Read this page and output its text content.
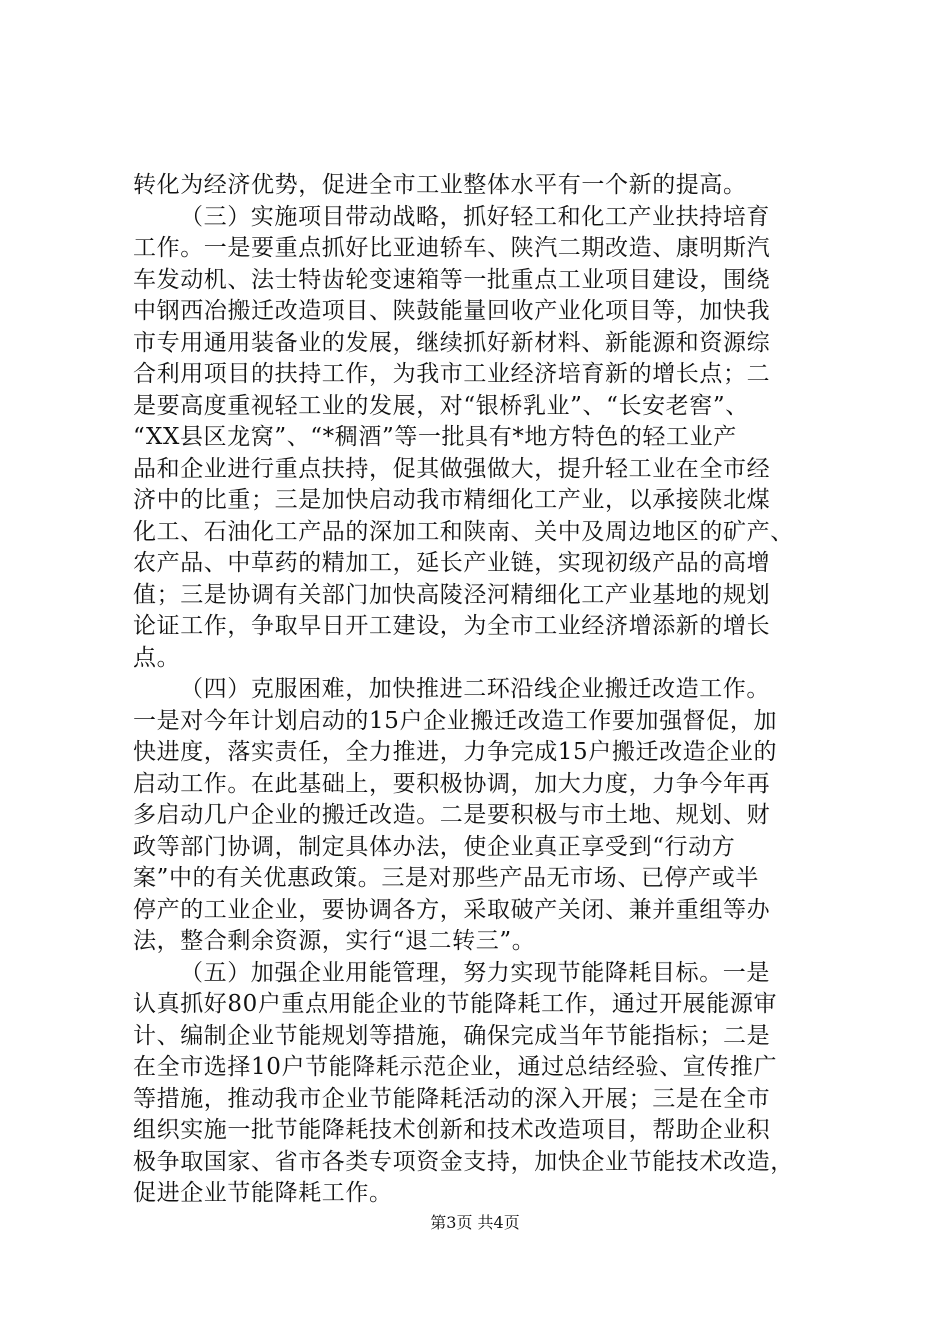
转化为经济优势，促进全市工业整体水平有一个新的提高。
（三）实施项目带动战略，抓好轻工和化工产业扶持培育
工作。一是要重点抓好比亚迪轿车、陕汽二期改造、康明斯汽
车发动机、法士特齿轮变速箱等一批重点工业项目建设，围绕
中钢西冶搬迁改造项目、陕鼓能量回收产业化项目等，加快我
市专用通用装备业的发展，继续抓好新材料、新能源和资源综
合利用项目的扶持工作，为我市工业经济培育新的增长点；二
是要高度重视轻工业的发展，对“银桥乳业”、“长安老窖”、
“XX县区龙窝”、“*稠酒”等一批具有*地方特色的轻工业产
品和企业进行重点扶持，促其做强做大，提升轻工业在全市经
济中的比重；三是加快启动我市精细化工产业，以承接陕北煤
化工、石油化工产品的深加工和陕南、关中及周边地区的矿产、
农产品、中草药的精加工，延长产业链，实现初级产品的高增
值；三是协调有关部门加快高陵泾河精细化工产业基地的规划
论证工作，争取早日开工建设，为全市工业经济增添新的增长
点。
（四）克服困难，加快推进二环沿线企业搬迁改造工作。
一是对今年计划启动的15户企业搬迁改造工作要加强督促，加
快进度，落实责任，全力推进，力争完成15户搬迁改造企业的
启动工作。在此基础上，要积极协调，加大力度，力争今年再
多启动几户企业的搬迁改造。二是要积极与市土地、规划、财
政等部门协调，制定具体办法，使企业真正享受到“行动方
案”中的有关优惠政策。三是对那些产品无市场、已停产或半
停产的工业企业，要协调各方，采取破产关闭、兼并重组等办
法，整合剩余资源，实行“退二转三”。
（五）加强企业用能管理，努力实现节能降耗目标。一是
认真抓好80户重点用能企业的节能降耗工作，通过开展能源审
计、编制企业节能规划等措施，确保完成当年节能指标；二是
在全市选择10户节能降耗示范企业，通过总结经验、宣传推广
等措施，推动我市企业节能降耗活动的深入开展；三是在全市
组织实施一批节能降耗技术创新和技术改造项目，帮助企业积
极争取国家、省市各类专项资金支持，加快企业节能技术改造，
促进企业节能降耗工作。
第3页 共4页
